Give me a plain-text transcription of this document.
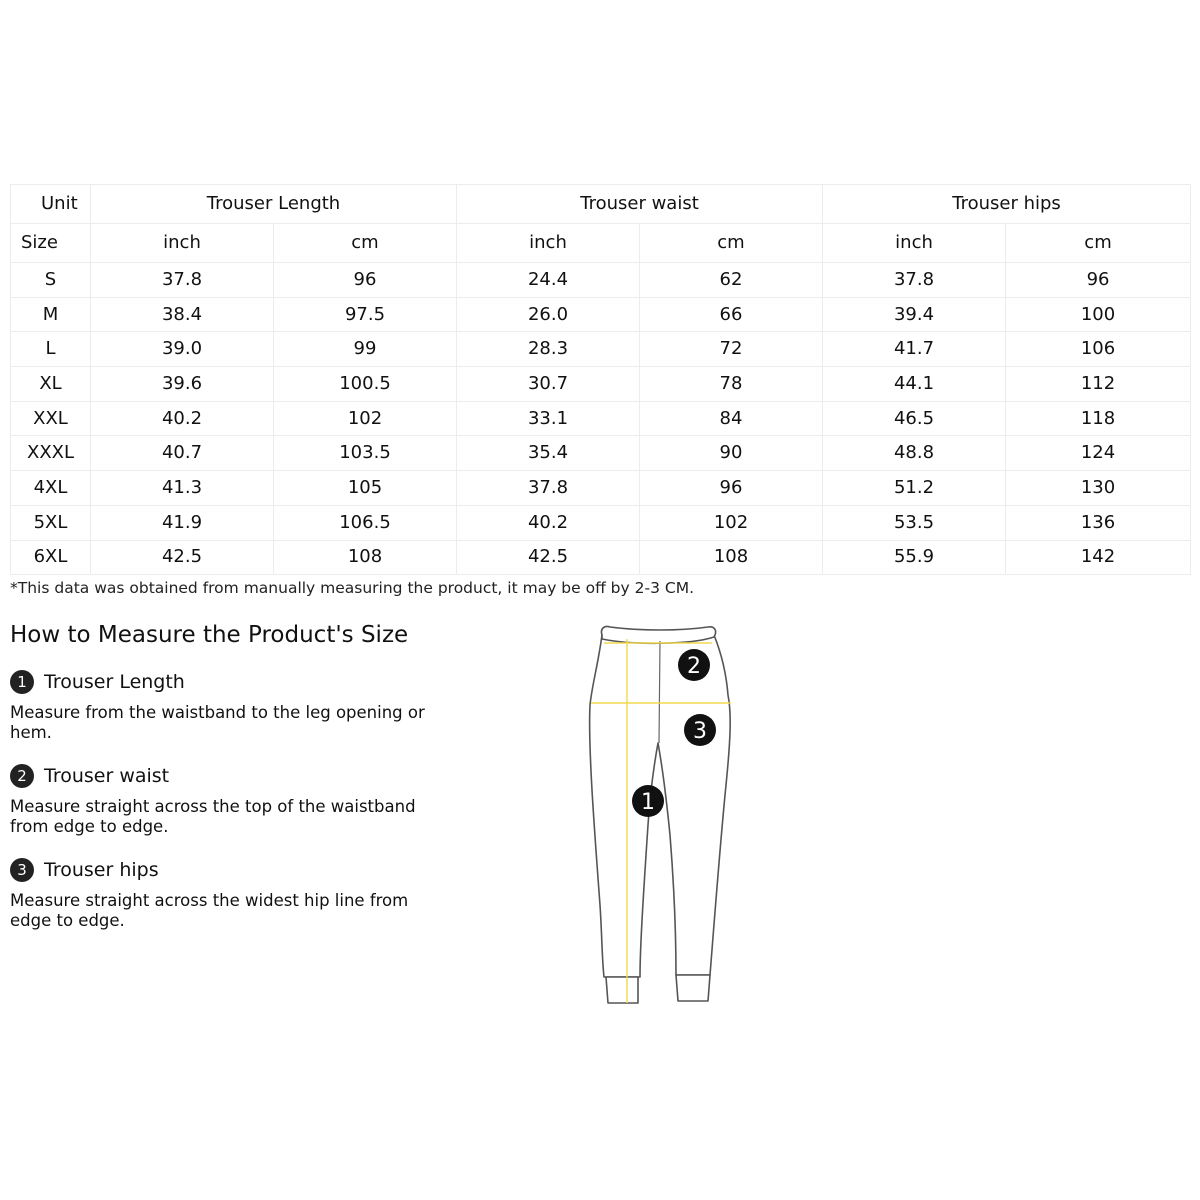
Unit	Trouser Length		Trouser waist		Trouser hips	
Size	inch	cm	inch	cm	inch	cm
S	37.8	96	24.4	62	37.8	96
M	38.4	97.5	26.0	66	39.4	100
L	39.0	99	28.3	72	41.7	106
XL	39.6	100.5	30.7	78	44.1	112
XXL	40.2	102	33.1	84	46.5	118
XXXL	40.7	103.5	35.4	90	48.8	124
4XL	41.3	105	37.8	96	51.2	130
5XL	41.9	106.5	40.2	102	53.5	136
6XL	42.5	108	42.5	108	55.9	142
*This data was obtained from manually measuring the product, it may be off by 2-3 CM.
How to Measure the Product's Size
1 Trouser Length
Measure from the waistband to the leg opening or hem.
2 Trouser waist
Measure straight across the top of the waistband from edge to edge.
3 Trouser hips
Measure straight across the widest hip line from edge to edge.
1
2
3
